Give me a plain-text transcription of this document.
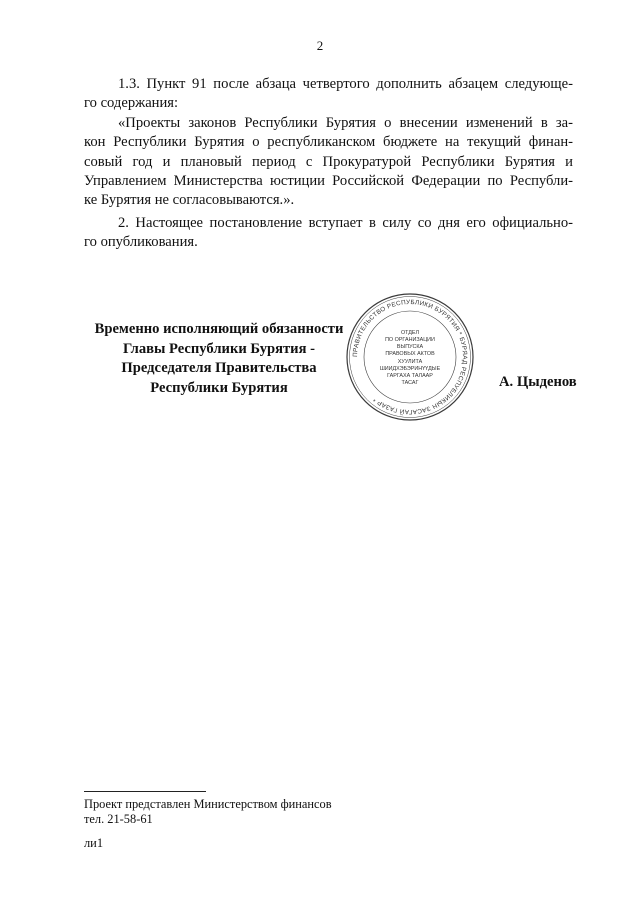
2
1.3. Пункт 91 после абзаца четвертого дополнить абзацем следующе-
го содержания:
«Проекты законов Республики Бурятия о внесении изменений в за-
кон Республики Бурятия о республиканском бюджете на текущий финан-
совый год и плановый период с Прокуратурой Республики Бурятия и
Управлением Министерства юстиции Российской Федерации по Республи-
ке Бурятия не согласовываются.».
2. Настоящее постановление вступает в силу со дня его официально-
го опубликования.
Временно исполняющий обязанности
Главы Республики Бурятия -
Председателя Правительства
Республики Бурятия
ПРАВИТЕЛЬСТВО РЕСПУБЛИКИ БУРЯТИЯ * БУРЯАД РЕСПУБЛИКЫН ЗАСАГАЙ ГАЗАР *
ОТДЕЛ
ПО ОРГАНИЗАЦИИ
ВЫПУСКА
ПРАВОВЫХ АКТОВ
ХУУЛИТА
ШИИДХЭБЭРИНҮҮДЫЕ
ГАРГАХА ТАЛААР
ТАСАГ	А. Цыденов
Проект представлен Министерством финансов
тел. 21-58-61
ли1
